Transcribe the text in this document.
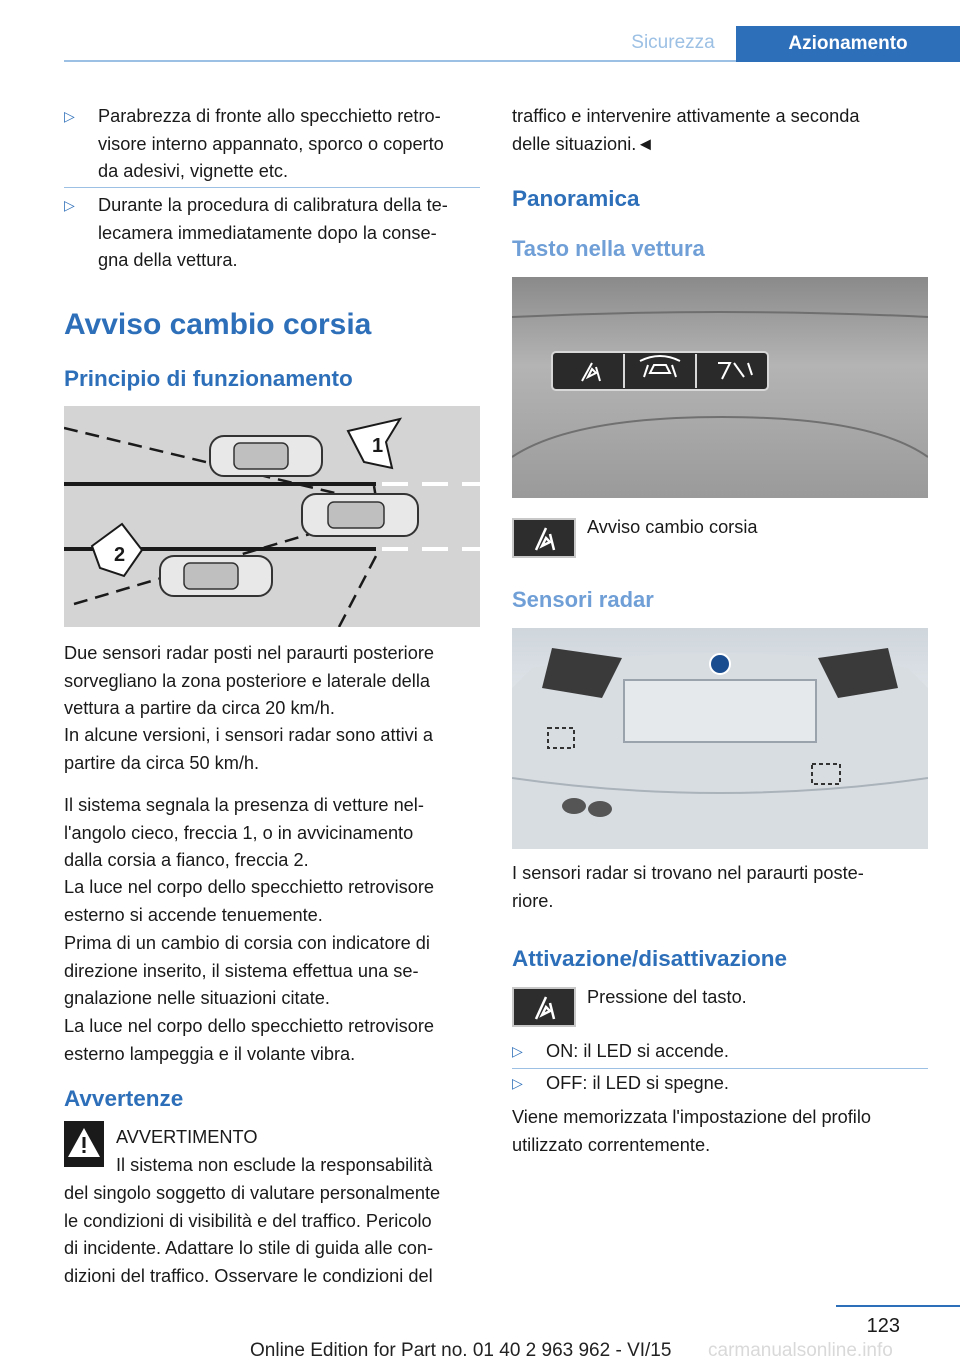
Sicurezza	Azionamento
▷ Parabrezza di fronte allo specchietto retro-
visore interno appannato, sporco o coperto
da adesivi, vignette etc.
▷ Durante la procedura di calibratura della te-
lecamera immediatamente dopo la conse-
gna della vettura.
Avviso cambio corsia
Principio di funzionamento
1
2
Due sensori radar posti nel paraurti posteriore
sorvegliano la zona posteriore e laterale della
vettura a partire da circa 20 km/h.
In alcune versioni, i sensori radar sono attivi a
partire da circa 50 km/h.
Il sistema segnala la presenza di vetture nel-
l'angolo cieco, freccia 1, o in avvicinamento
dalla corsia a fianco, freccia 2.
La luce nel corpo dello specchietto retrovisore
esterno si accende tenuemente.
Prima di un cambio di corsia con indicatore di
direzione inserito, il sistema effettua una se-
gnalazione nelle situazioni citate.
La luce nel corpo dello specchietto retrovisore
esterno lampeggia e il volante vibra.
Avvertenze
AVVERTIMENTO
Il sistema non esclude la responsabilità
del singolo soggetto di valutare personalmente
le condizioni di visibilità e del traffico. Pericolo
di incidente. Adattare lo stile di guida alle con-
dizioni del traffico. Osservare le condizioni del
traffico e intervenire attivamente a seconda
delle situazioni.◄
Panoramica
Tasto nella vettura
Avviso cambio corsia
Sensori radar
I sensori radar si trovano nel paraurti poste-
riore.
Attivazione/disattivazione
Pressione del tasto.
▷ ON: il LED si accende.
▷ OFF: il LED si spegne.
Viene memorizzata l'impostazione del profilo
utilizzato correntemente.
123
Online Edition for Part no. 01 40 2 963 962 - VI/15 carmanualsonline.info
